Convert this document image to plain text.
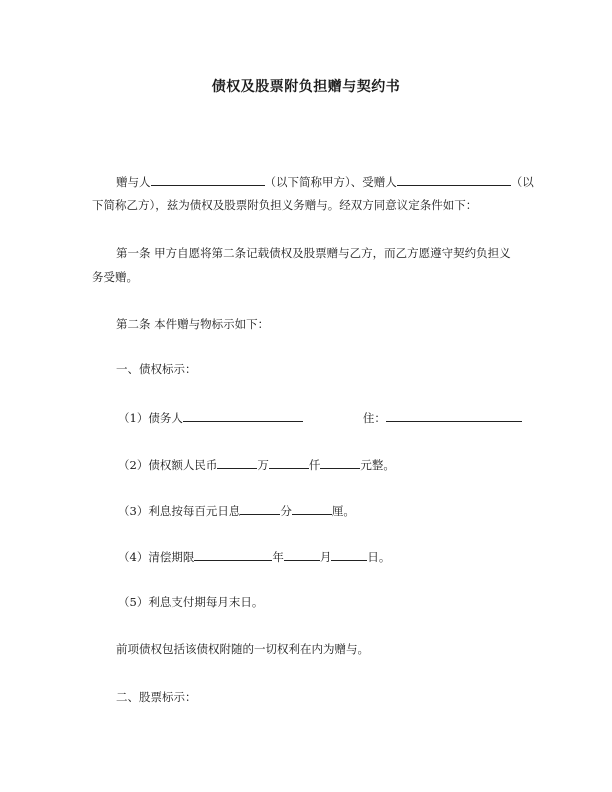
债权及股票附负担赠与契约书
赠与人	（以下简称甲方）、受赠人	（以
下简称乙方），兹为债权及股票附负担义务赠与。经双方同意议定条件如下：
第一条 甲方自愿将第二条记载债权及股票赠与乙方，而乙方愿遵守契约负担义
务受赠。
第二条 本件赠与物标示如下：
一、债权标示：
（1）债务人	住：
（2）债权额人民币	万	仟	元整。
（3）利息按每百元日息	分	厘。
（4）清偿期限	年	月	日。
（5）利息支付期每月末日。
前项债权包括该债权附随的一切权利在内为赠与。
二、股票标示：
